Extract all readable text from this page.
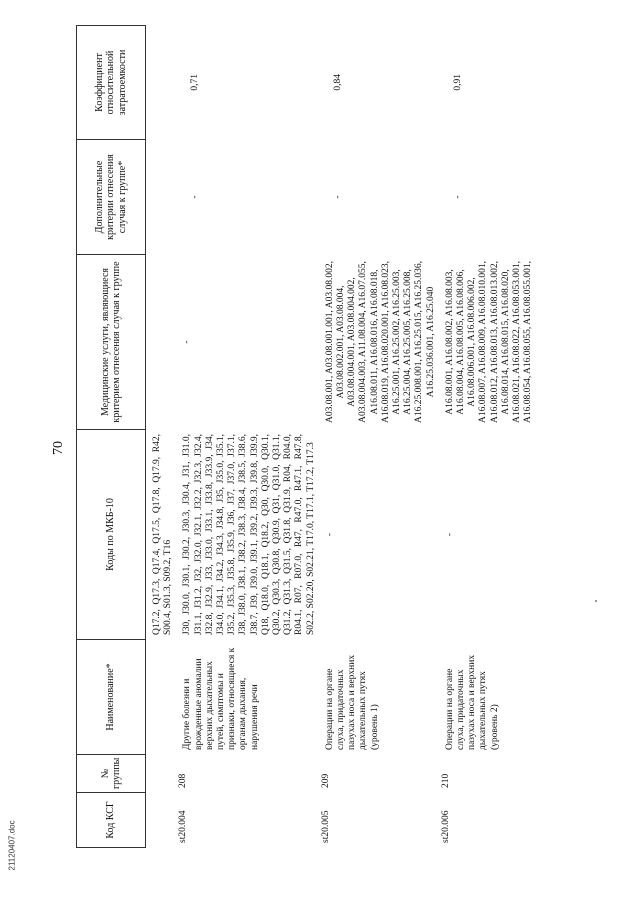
70
Код КСГ	№ группы	Наименование*	Коды по МКБ-10	Медицинские услуги, являющиеся критерием отнесения случая к группе	Дополнительные критерии отнесения случая к группе*	Коэффициент относительной затратоемкости
			Q17.2, Q17.3, Q17.4, Q17.5, Q17.8, Q17.9, R42, S00.4, S01.3, S09.2, T16			
st20.004	208	Другие болезни и врожденные аномалии верхних дыхательных путей, симптомы и признаки, относящиеся к органам дыхания, нарушения речи	J30, J30.0, J30.1, J30.2, J30.3, J30.4, J31, J31.0, J31.1, J31.2, J32, J32.0, J32.1, J32.2, J32.3, J32.4, J32.8, J32.9, J33, J33.0, J33.1, J33.8, J33.9, J34, J34.0, J34.1, J34.2, J34.3, J34.8, J35, J35.0, J35.1, J35.2, J35.3, J35.8, J35.9, J36, J37, J37.0, J37.1, J38, J38.0, J38.1, J38.2, J38.3, J38.4, J38.5, J38.6, J38.7, J39, J39.0, J39.1, J39.2, J39.3, J39.8, J39.9, Q18, Q18.0, Q18.1, Q18.2, Q30, Q30.0, Q30.1, Q30.2, Q30.3, Q30.8, Q30.9, Q31, Q31.0, Q31.1, Q31.2, Q31.3, Q31.5, Q31.8, Q31.9, R04, R04.0, R04.1, R07, R07.0, R47, R47.0, R47.1, R47.8, S02.2, S02.20, S02.21, T17.0, T17.1, T17.2, T17.3	-	-	0,71
st20.005	209	Операции на органе слуха, придаточных пазухах носа и верхних дыхательных путях (уровень 1)	-	A03.08.001, A03.08.001.001, A03.08.002, A03.08.002.001, A03.08.004, A03.08.004.001, A03.08.004.002, A03.08.004.003, A11.08.004, A16.07.055, A16.08.011, A16.08.016, A16.08.018, A16.08.019, A16.08.020.001, A16.08.023, A16.25.001, A16.25.002, A16.25.003, A16.25.004, A16.25.005, A16.25.008, A16.25.008.001, A16.25.015, A16.25.036, A16.25.036.001, A16.25.040	-	0,84
st20.006	210	Операции на органе слуха, придаточных пазухах носа и верхних дыхательных путях (уровень 2)	-	A16.08.001, A16.08.002, A16.08.003, A16.08.004, A16.08.005, A16.08.006, A16.08.006.001, A16.08.006.002, A16.08.007, A16.08.009, A16.08.010.001, A16.08.012, A16.08.013, A16.08.013.002, A16.08.014, A16.08.015, A16.08.020, A16.08.021, A16.08.022, A16.08.053.001, A16.08.054, A16.08.055, A16.08.055.001,	-	0,91
21120407.doc
